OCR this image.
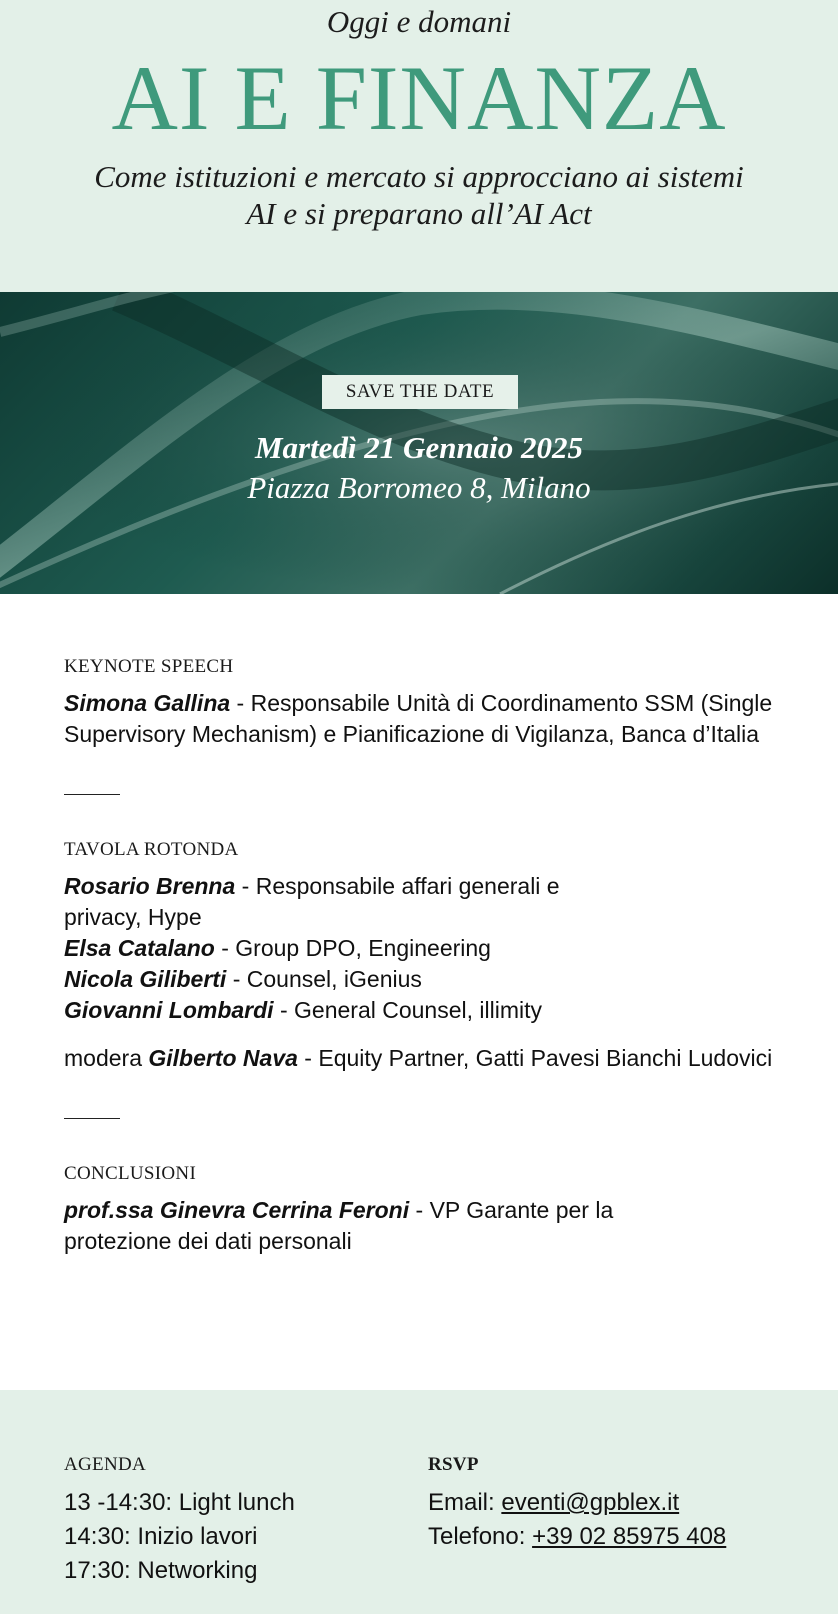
Oggi e domani
AI E FINANZA
Come istituzioni e mercato si approcciano ai sistemi
AI e si preparano all’AI Act
SAVE THE DATE
Martedì 21 Gennaio 2025
Piazza Borromeo 8, Milano
KEYNOTE SPEECH

Simona Gallina - Responsabile Unità di Coordinamento SSM (Single Supervisory Mechanism) e Pianificazione di Vigilanza, Banca d’Italia

TAVOLA ROTONDA
Rosario Brenna - Responsabile affari generali e privacy, Hype
Elsa Catalano - Group DPO, Engineering
Nicola Giliberti - Counsel, iGenius
Giovanni Lombardi - General Counsel, illimity
modera Gilberto Nava - Equity Partner, Gatti Pavesi Bianchi Ludovici
CONCLUSIONI

prof.ssa Ginevra Cerrina Feroni - VP Garante per la protezione dei dati personali

AGENDA
13 -14:30: Light lunch
14:30: Inizio lavori
17:30: Networking
RSVP
Email: eventi@gpblex.it
Telefono: +39 02 85975 408
